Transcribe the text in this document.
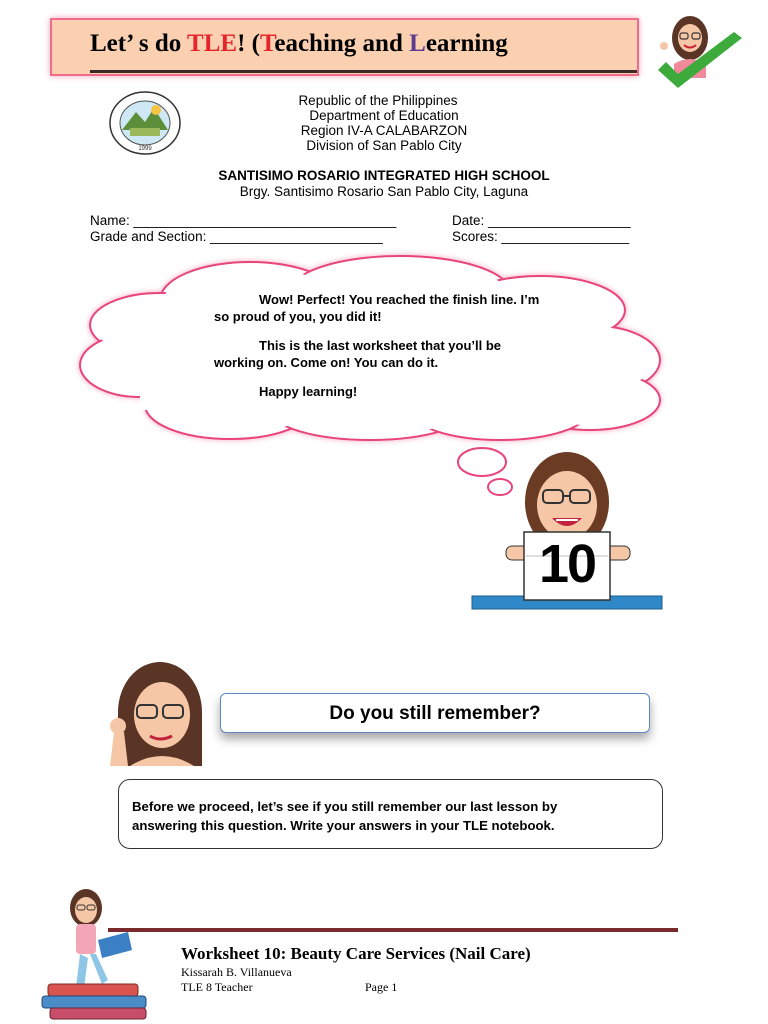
Let’ s do TLE! (Teaching and Learning
1999
Republic of the Philippines
Department of Education
Region IV-A CALABARZON
Division of San Pablo City
SANTISIMO ROSARIO INTEGRATED HIGH SCHOOL
Brgy. Santisimo Rosario San Pablo City, Laguna
Name: ___________________________________	Date: ___________________
Grade and Section: _______________________	Scores: _________________
Wow! Perfect! You reached the finish line. I’m
so proud of you, you did it!
This is the last worksheet that you’ll be
working on. Come on! You can do it.
Happy learning!
10
Do you still remember?
Before we proceed, let’s see if you still remember our last lesson by
answering this question. Write your answers in your TLE notebook.
Worksheet 10: Beauty Care Services (Nail Care)
Kissarah B. Villanueva
TLE 8 Teacher	Page 1
